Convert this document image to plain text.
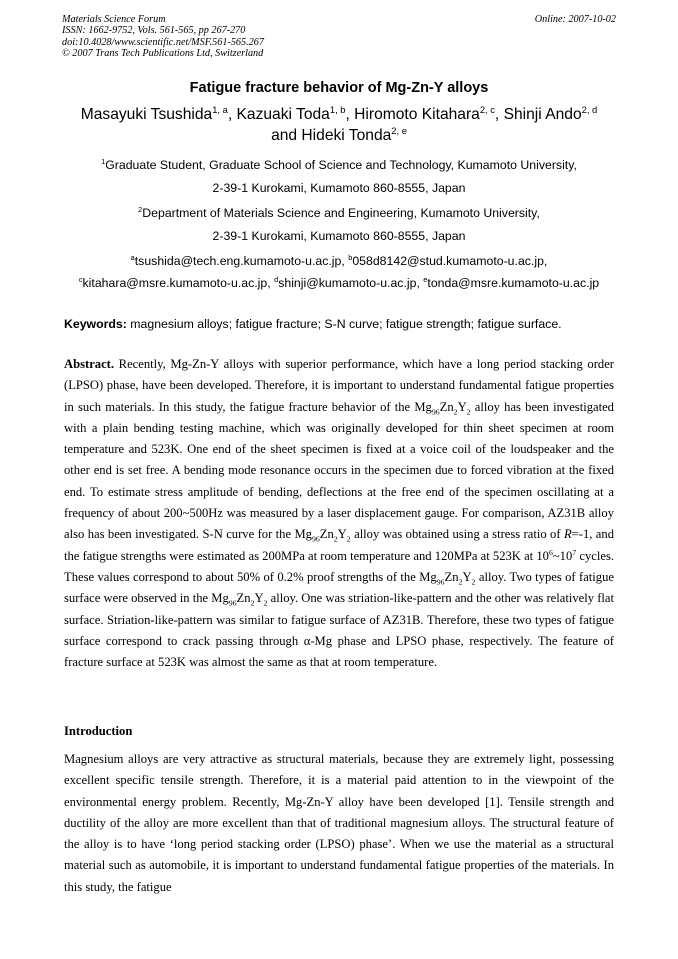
Materials Science Forum
ISSN: 1662-9752, Vols. 561-565, pp 267-270
doi:10.4028/www.scientific.net/MSF.561-565.267
© 2007 Trans Tech Publications Ltd, Switzerland
Online: 2007-10-02
Fatigue fracture behavior of Mg-Zn-Y alloys
Masayuki Tsushida$^{1, a}$, Kazuaki Toda$^{1, b}$, Hiromoto Kitahara$^{2, c}$, Shinji Ando$^{2, d}$
and Hideki Tonda$^{2, e}$
$^1$Graduate Student, Graduate School of Science and Technology, Kumamoto University,
2-39-1 Kurokami, Kumamoto 860-8555, Japan
$^2$Department of Materials Science and Engineering, Kumamoto University,
2-39-1 Kurokami, Kumamoto 860-8555, Japan
$^a$tsushida@tech.eng.kumamoto-u.ac.jp, $^b$058d8142@stud.kumamoto-u.ac.jp,
$^c$kitahara@msre.kumamoto-u.ac.jp, $^d$shinji@kumamoto-u.ac.jp, $^e$tonda@msre.kumamoto-u.ac.jp
Keywords: magnesium alloys; fatigue fracture; S-N curve; fatigue strength; fatigue surface.
Abstract. Recently, Mg-Zn-Y alloys with superior performance, which have a long period stacking order (LPSO) phase, have been developed. Therefore, it is important to understand fundamental fatigue properties in such materials. In this study, the fatigue fracture behavior of the $Mg_{96}Zn_2Y_2$ alloy has been investigated with a plain bending testing machine, which was originally developed for thin sheet specimen at room temperature and 523K. One end of the sheet specimen is fixed at a voice coil of the loudspeaker and the other end is set free. A bending mode resonance occurs in the specimen due to forced vibration at the fixed end. To estimate stress amplitude of bending, deflections at the free end of the specimen oscillating at a frequency of about 200~500Hz was measured by a laser displacement gauge. For comparison, AZ31B alloy also has been investigated. S-N curve for the $Mg_{96}Zn_2Y_2$ alloy was obtained using a stress ratio of R=-1, and the fatigue strengths were estimated as 200MPa at room temperature and 120MPa at 523K at $10^6\sim 10^7$ cycles. These values correspond to about 50% of 0.2% proof strengths of the $Mg_{96}Zn_2Y_2$ alloy. Two types of fatigue surface were observed in the $Mg_{96}Zn_2Y_2$ alloy. One was striation-like-pattern and the other was relatively flat surface. Striation-like-pattern was similar to fatigue surface of AZ31B. Therefore, these two types of fatigue surface correspond to crack passing through α-Mg phase and LPSO phase, respectively. The feature of fracture surface at 523K was almost the same as that at room temperature.
Introduction
Magnesium alloys are very attractive as structural materials, because they are extremely light, possessing excellent specific tensile strength. Therefore, it is a material paid attention to in the viewpoint of the environmental energy problem. Recently, Mg-Zn-Y alloy have been developed [1]. Tensile strength and ductility of the alloy are more excellent than that of traditional magnesium alloys. The structural feature of the alloy is to have ‘long period stacking order (LPSO) phase’. When we use the material as a structural material such as automobile, it is important to understand fundamental fatigue properties of the materials. In this study, the fatigue
